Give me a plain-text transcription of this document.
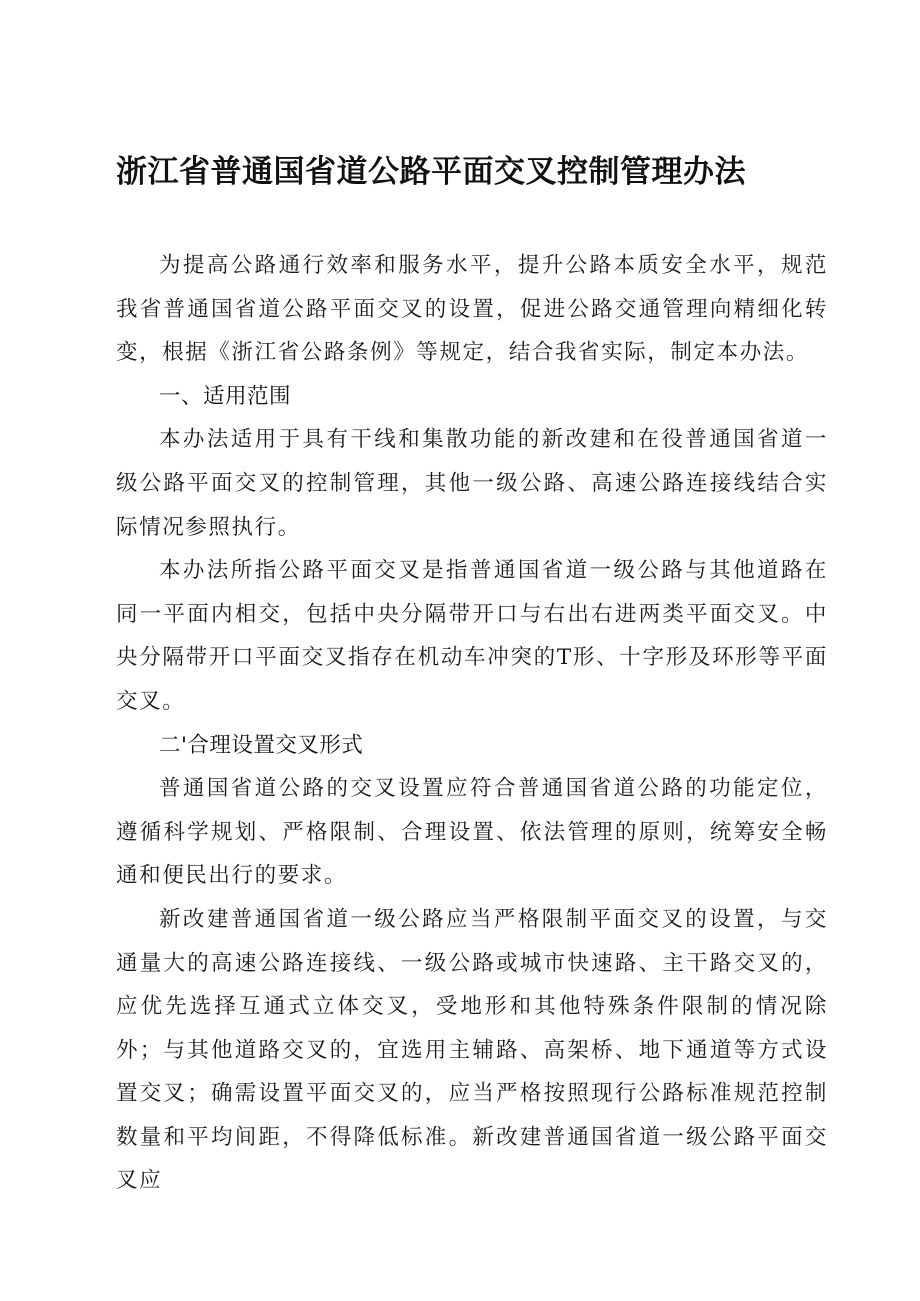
浙江省普通国省道公路平面交叉控制管理办法

为提高公路通行效率和服务水平，提升公路本质安全水平，规范我省普通国省道公路平面交叉的设置，促进公路交通管理向精细化转变，根据《浙江省公路条例》等规定，结合我省实际，制定本办法。

一、适用范围

本办法适用于具有干线和集散功能的新改建和在役普通国省道一级公路平面交叉的控制管理，其他一级公路、高速公路连接线结合实际情况参照执行。

本办法所指公路平面交叉是指普通国省道一级公路与其他道路在同一平面内相交，包括中央分隔带开口与右出右进两类平面交叉。中央分隔带开口平面交叉指存在机动车冲突的T形、十字形及环形等平面交叉。

二'合理设置交叉形式

普通国省道公路的交叉设置应符合普通国省道公路的功能定位，遵循科学规划、严格限制、合理设置、依法管理的原则，统筹安全畅通和便民出行的要求。

新改建普通国省道一级公路应当严格限制平面交叉的设置，与交通量大的高速公路连接线、一级公路或城市快速路、主干路交叉的，应优先选择互通式立体交叉，受地形和其他特殊条件限制的情况除外；与其他道路交叉的，宜选用主辅路、高架桥、地下通道等方式设置交叉；确需设置平面交叉的，应当严格按照现行公路标准规范控制数量和平均间距，不得降低标准。新改建普通国省道一级公路平面交叉应
